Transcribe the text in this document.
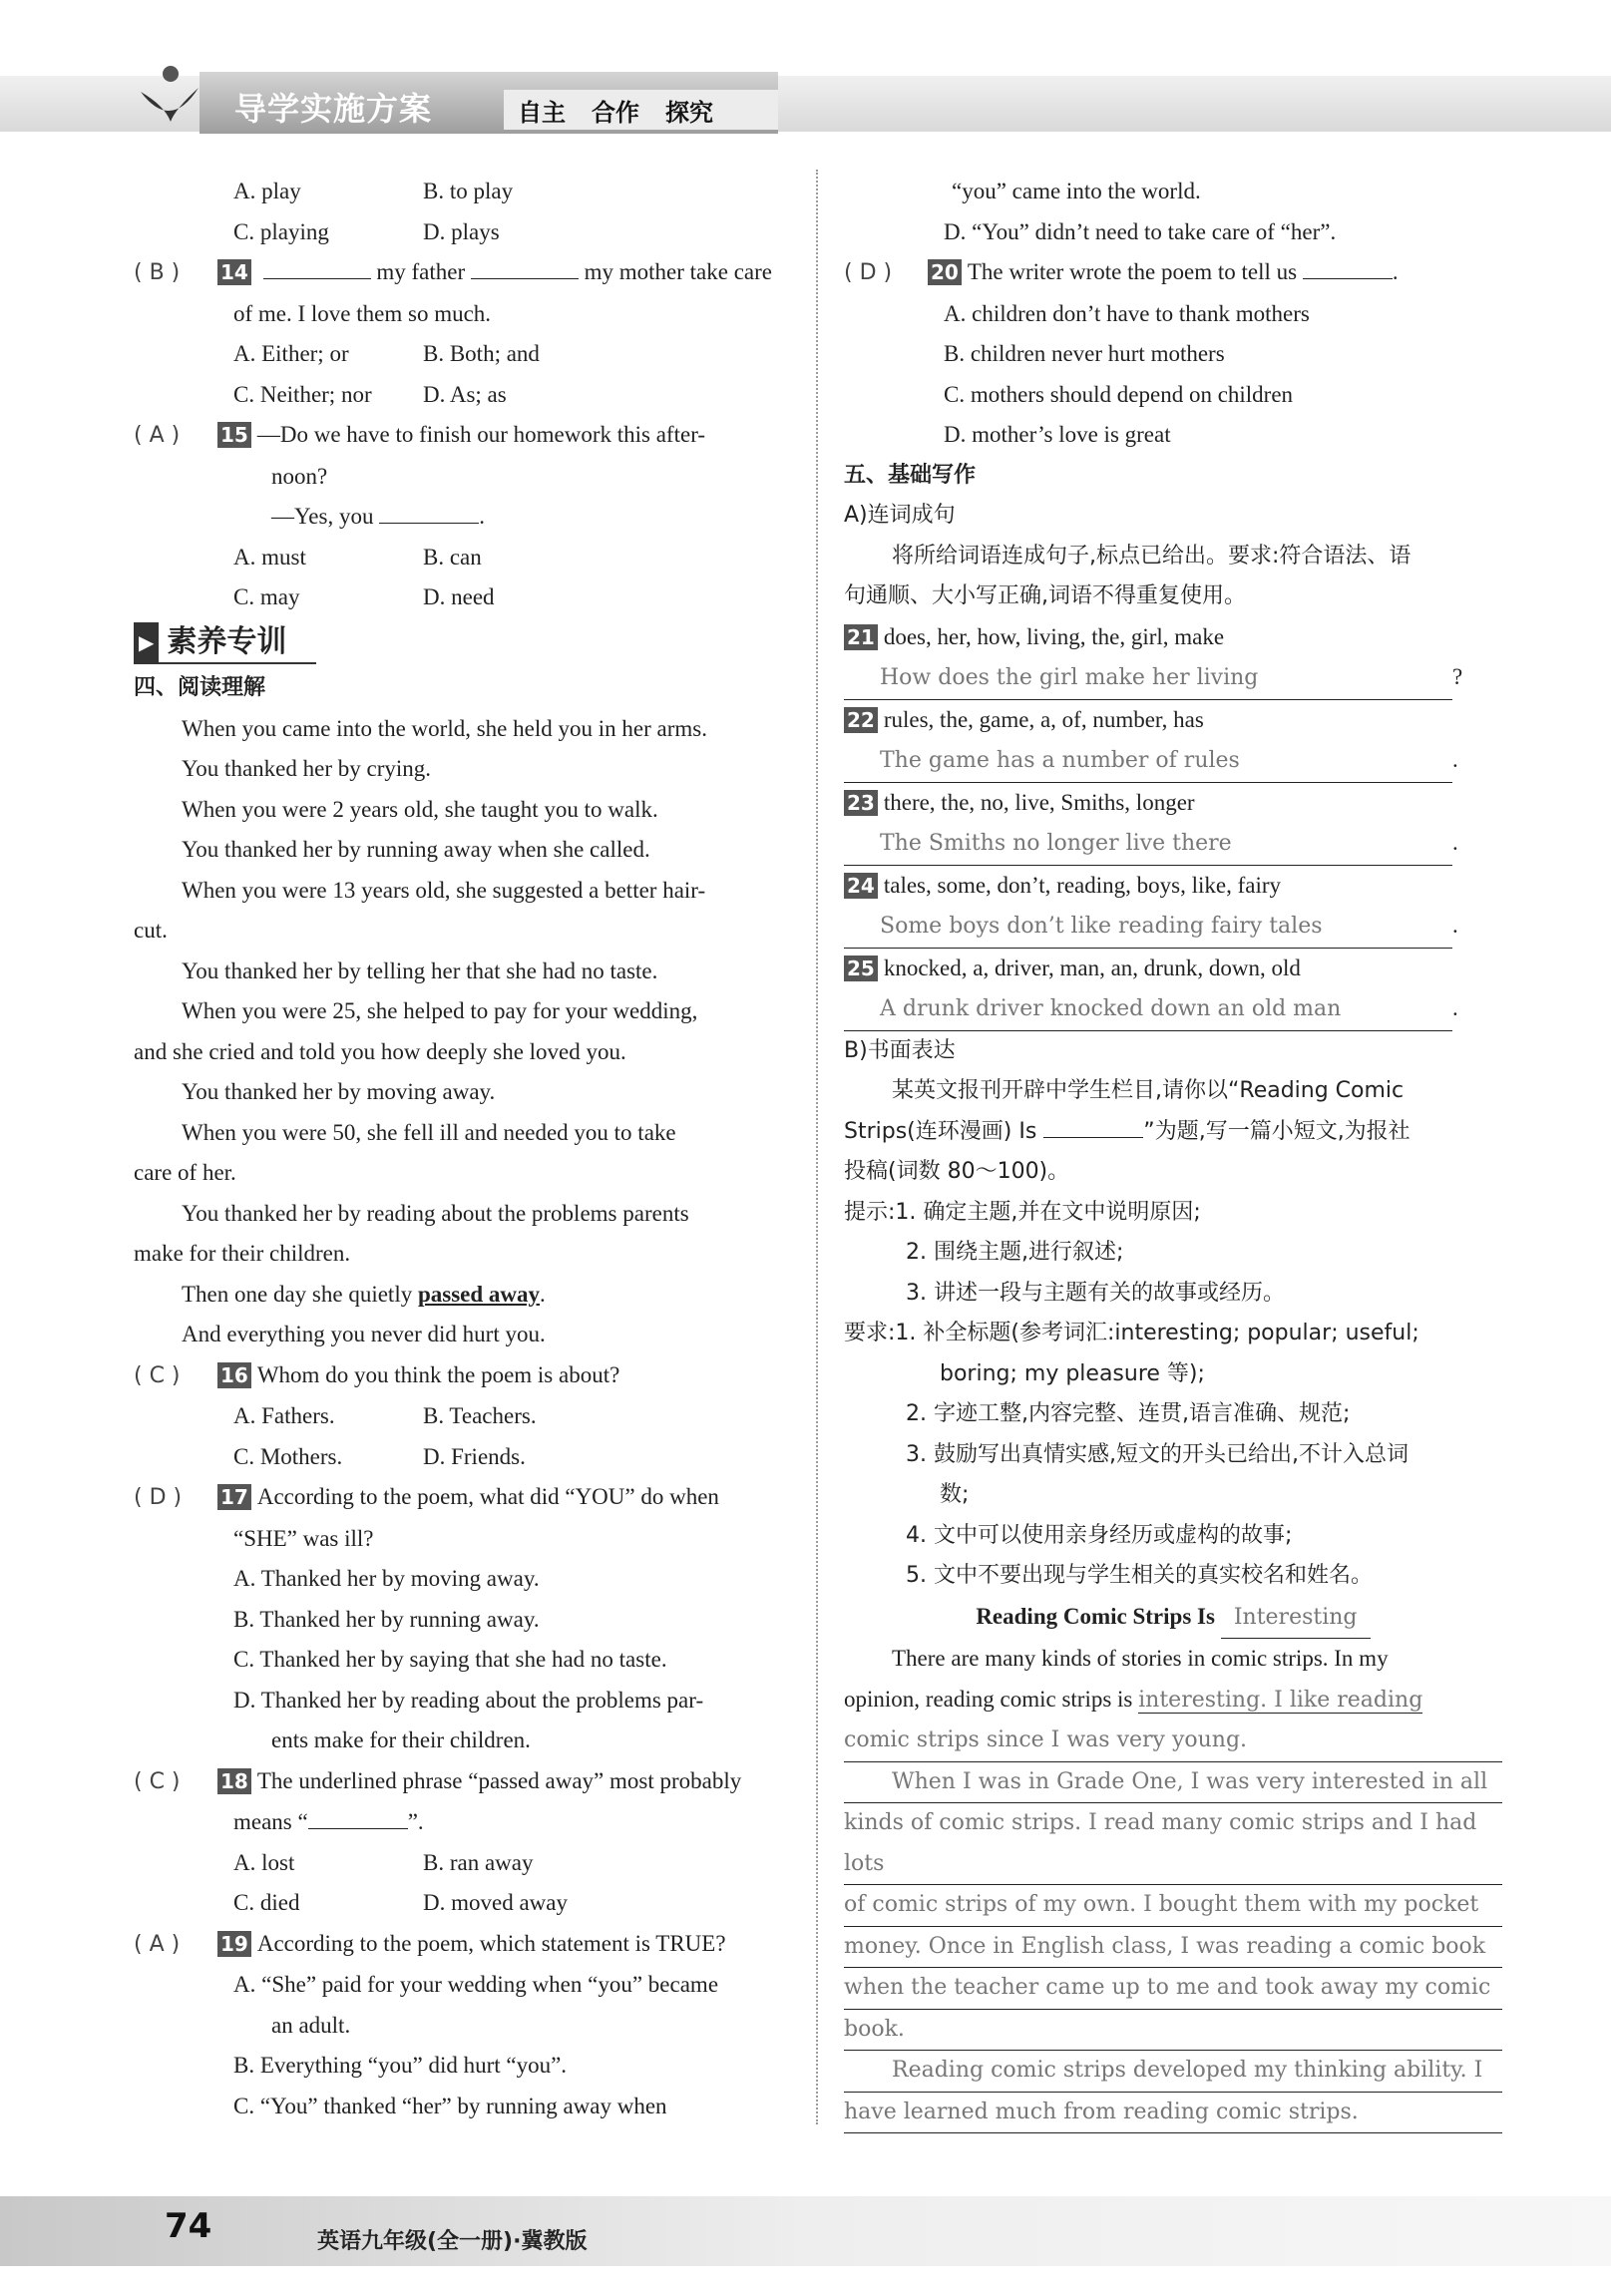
导学实施方案	自主 合作 探究
A. play	B. to play
C. playing	D. plays
( B ) 14	my father	my mother take care
of me. I love them so much.
A. Either; or	B. Both; and
C. Neither; nor D. As; as
( A ) 15 —Do we have to finish our homework this after-
noon?
—Yes, you	.
A. must	B. can
C. may	D. need
▶ 素养专训
四、阅读理解
When you came into the world, she held you in her arms.
You thanked her by crying.
When you were 2 years old, she taught you to walk.
You thanked her by running away when she called.
When you were 13 years old, she suggested a better hair-
cut.
You thanked her by telling her that she had no taste.
When you were 25, she helped to pay for your wedding,
and she cried and told you how deeply she loved you.
You thanked her by moving away.
When you were 50, she fell ill and needed you to take
care of her.
You thanked her by reading about the problems parents
make for their children.
Then one day she quietly passed away.
And everything you never did hurt you.
( C ) 16 Whom do you think the poem is about?
A. Fathers.	B. Teachers.
C. Mothers.	D. Friends.
( D ) 17 According to the poem, what did “YOU” do when
“SHE” was ill?
A. Thanked her by moving away.
B. Thanked her by running away.
C. Thanked her by saying that she had no taste.
D. Thanked her by reading about the problems par-
ents make for their children.
( C ) 18 The underlined phrase “passed away” most probably
means “	”.
A. lost	B. ran away
C. died	D. moved away
( A ) 19 According to the poem, which statement is TRUE?
A. “She” paid for your wedding when “you” became
an adult.
B. Everything “you” did hurt “you”.
C. “You” thanked “her” by running away when
“you” came into the world.
D. “You” didn’t need to take care of “her”.
( D ) 20 The writer wrote the poem to tell us	.
A. children don’t have to thank mothers
B. children never hurt mothers
C. mothers should depend on children
D. mother’s love is great
五、基础写作
A)连词成句
将所给词语连成句子,标点已给出。要求:符合语法、语
句通顺、大小写正确,词语不得重复使用。
21 does, her, how, living, the, girl, make
How does the girl make her living	?
22 rules, the, game, a, of, number, has
The game has a number of rules	.
23 there, the, no, live, Smiths, longer
The Smiths no longer live there	.
24 tales, some, don’t, reading, boys, like, fairy
Some boys don’t like reading fairy tales	.
25 knocked, a, driver, man, an, drunk, down, old
A drunk driver knocked down an old man	.
B)书面表达
某英文报刊开辟中学生栏目,请你以“Reading Comic
Strips(连环漫画) Is	”为题,写一篇小短文,为报社
投稿(词数 80～100)。
提示:1. 确定主题,并在文中说明原因;
2. 围绕主题,进行叙述;
3. 讲述一段与主题有关的故事或经历。
要求:1. 补全标题(参考词汇:interesting; popular; useful;
boring; my pleasure 等);
2. 字迹工整,内容完整、连贯,语言准确、规范;
3. 鼓励写出真情实感,短文的开头已给出,不计入总词
数;
4. 文中可以使用亲身经历或虚构的故事;
5. 文中不要出现与学生相关的真实校名和姓名。
Reading Comic Strips Is Interesting
There are many kinds of stories in comic strips. In my
opinion, reading comic strips is interesting. I like reading
comic strips since I was very young.
When I was in Grade One, I was very interested in all
kinds of comic strips. I read many comic strips and I had lots
of comic strips of my own. I bought them with my pocket
money. Once in English class, I was reading a comic book
when the teacher came up to me and took away my comic
book.
Reading comic strips developed my thinking ability. I
have learned much from reading comic strips.
74	英语九年级(全一册)·冀教版
